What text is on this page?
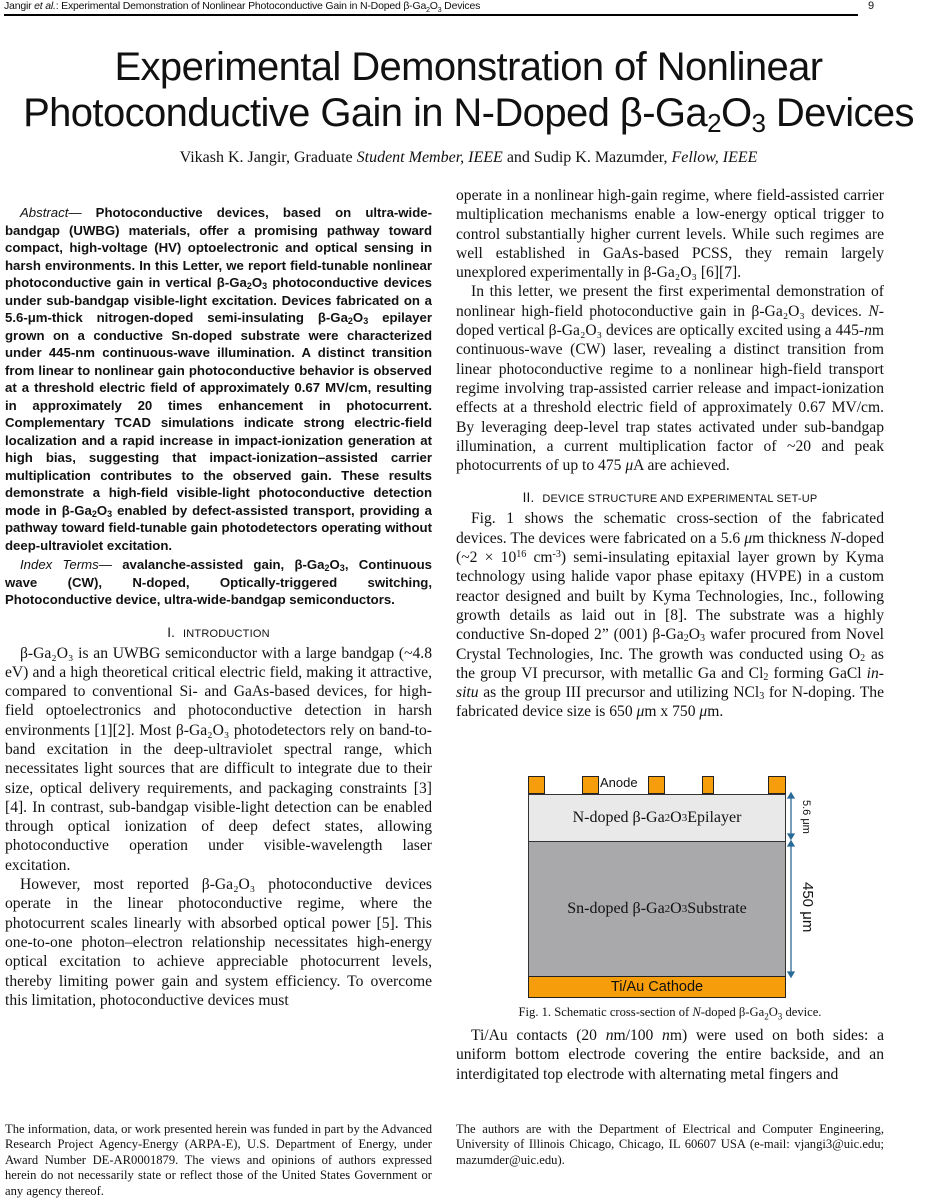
Jangir et al.: Experimental Demonstration of Nonlinear Photoconductive Gain in N-Doped $\beta-Ga_2O_3$ Devices	9
Experimental Demonstration of Nonlinear
Photoconductive Gain in N-Doped $\beta-Ga_2O_3$ Devices
Vikash K. Jangir, Graduate Student Member, IEEE and Sudip K. Mazumder, Fellow, IEEE

Abstract— Photoconductive devices, based on ultra-wide-bandgap (UWBG) materials, offer a promising pathway toward compact, high-voltage (HV) optoelectronic and optical sensing in harsh environments. In this Letter, we report field-tunable nonlinear photoconductive gain in vertical $\beta-Ga_2O_3$ photoconductive devices under sub-bandgap visible-light excitation. Devices fabricated on a 5.6-μm-thick nitrogen-doped semi-insulating $\beta-Ga_2O_3$ epilayer grown on a conductive Sn-doped substrate were characterized under 445-nm continuous-wave illumination. A distinct transition from linear to nonlinear gain photoconductive behavior is observed at a threshold electric field of approximately 0.67 MV/cm, resulting in approximately 20 times enhancement in photocurrent. Complementary TCAD simulations indicate strong electric-field localization and a rapid increase in impact-ionization generation at high bias, suggesting that impact-ionization–assisted carrier multiplication contributes to the observed gain. These results demonstrate a high-field visible-light photoconductive detection mode in $\beta-Ga_2O_3$ enabled by defect-assisted transport, providing a pathway toward field-tunable gain photodetectors operating without deep-ultraviolet excitation.

Index Terms— avalanche-assisted gain, $\beta-Ga_2O_3$, Continuous wave (CW), N-doped, Optically-triggered switching, Photoconductive device, ultra-wide-bandgap semiconductors.

I. INTRODUCTION

β-Ga₂O₃ is an UWBG semiconductor with a large bandgap (~4.8 eV) and a high theoretical critical electric field, making it attractive, compared to conventional Si- and GaAs-based devices, for high-field optoelectronics and photoconductive detection in harsh environments [1][2]. Most β-Ga₂O₃ photodetectors rely on band-to-band excitation in the deep-ultraviolet spectral range, which necessitates light sources that are difficult to integrate due to their size, optical delivery requirements, and packaging constraints [3][4]. In contrast, sub-bandgap visible-light detection can be enabled through optical ionization of deep defect states, allowing photoconductive operation under visible-wavelength laser excitation.

However, most reported β-Ga₂O₃ photoconductive devices operate in the linear photoconductive regime, where the photocurrent scales linearly with absorbed optical power [5]. This one-to-one photon–electron relationship necessitates high-energy optical excitation to achieve appreciable photocurrent levels, thereby limiting power gain and system efficiency. To overcome this limitation, photoconductive devices must

operate in a nonlinear high-gain regime, where field-assisted carrier multiplication mechanisms enable a low-energy optical trigger to control substantially higher current levels. While such regimes are well established in GaAs-based PCSS, they remain largely unexplored experimentally in β-Ga₂O₃ [6][7].

In this letter, we present the first experimental demonstration of nonlinear high-field photoconductive gain in β-Ga₂O₃ devices. N-doped vertical β-Ga₂O₃ devices are optically excited using a 445-nm continuous-wave (CW) laser, revealing a distinct transition from linear photoconductive regime to a nonlinear high-field transport regime involving trap-assisted carrier release and impact-ionization effects at a threshold electric field of approximately 0.67 MV/cm. By leveraging deep-level trap states activated under sub-bandgap illumination, a current multiplication factor of ~20 and peak photocurrents of up to 475 μA are achieved.

II. DEVICE STRUCTURE AND EXPERIMENTAL SET-UP

Fig. 1 shows the schematic cross-section of the fabricated devices. The devices were fabricated on a 5.6 μm thickness N-doped (~2 × $10^{16}$ $cm^{-3}$) semi-insulating epitaxial layer grown by Kyma technology using halide vapor phase epitaxy (HVPE) in a custom reactor designed and built by Kyma Technologies, Inc., following growth details as laid out in [8]. The substrate was a highly conductive Sn-doped 2” (001) $\beta-Ga_2O_3$ wafer procured from Novel Crystal Technologies, Inc. The growth was conducted using $O_2$ as the group VI precursor, with metallic Ga and $Cl_2$ forming GaCl in-situ as the group III precursor and utilizing NCl$_3$ for N-doping. The fabricated device size is 650 μm x 750 μm.

Anode
N-doped β-Ga 2 O 3 Epilayer
Sn-doped β-Ga 2 O 3 Substrate
Ti/Au Cathode
5.6 μm
450 μm
Fig. 1. Schematic cross-section of N-doped $\beta-Ga_2O_3$ device.

Ti/Au contacts (20 nm/100 nm) were used on both sides: a uniform bottom electrode covering the entire backside, and an interdigitated top electrode with alternating metal fingers and

The information, data, or work presented herein was funded in part by the Advanced Research Project Agency-Energy (ARPA-E), U.S. Department of Energy, under Award Number DE-AR0001879. The views and opinions of authors expressed herein do not necessarily state or reflect those of the United States Government or any agency thereof.

The authors are with the Department of Electrical and Computer Engineering, University of Illinois Chicago, Chicago, IL 60607 USA (e-mail: vjangi3@uic.edu; mazumder@uic.edu).
